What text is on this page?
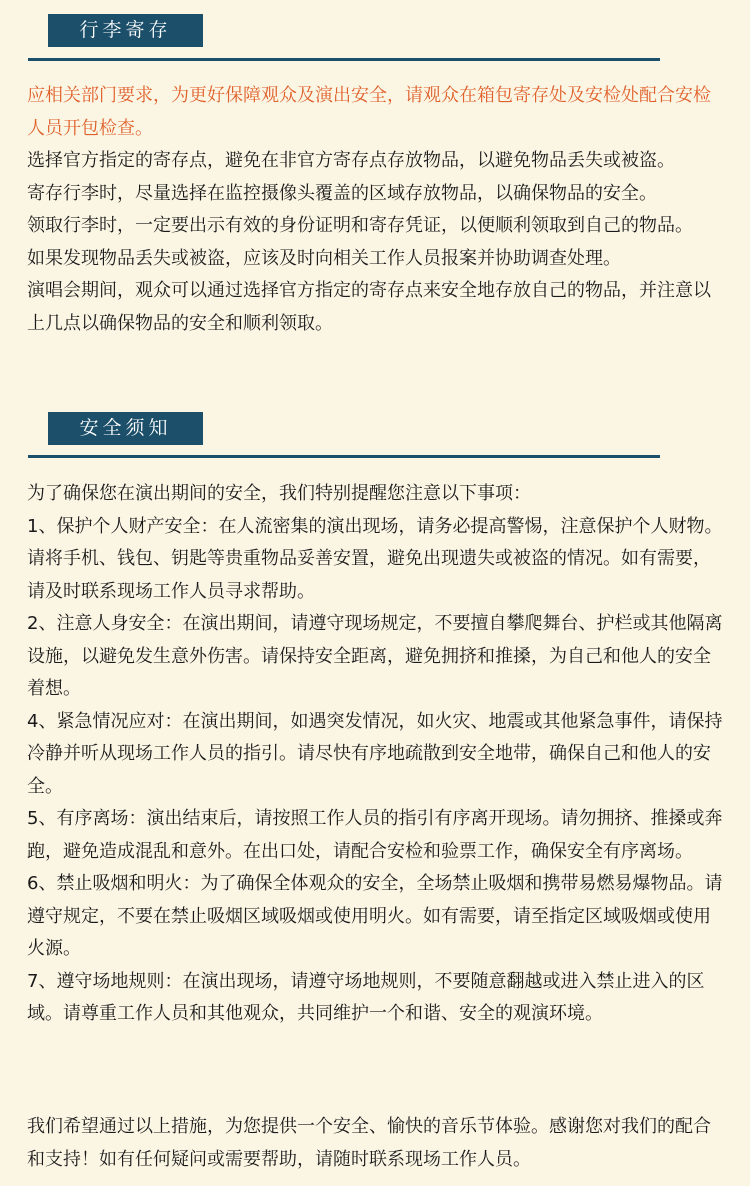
行李寄存

应相关部门要求，为更好保障观众及演出安全，请观众在箱包寄存处及安检处配合安检人员开包检查。

选择官方指定的寄存点，避免在非官方寄存点存放物品，以避免物品丢失或被盗。

寄存行李时，尽量选择在监控摄像头覆盖的区域存放物品，以确保物品的安全。

领取行李时，一定要出示有效的身份证明和寄存凭证，以便顺利领取到自己的物品。

如果发现物品丢失或被盗，应该及时向相关工作人员报案并协助调查处理。

演唱会期间，观众可以通过选择官方指定的寄存点来安全地存放自己的物品，并注意以上几点以确保物品的安全和顺利领取。

安全须知

为了确保您在演出期间的安全，我们特别提醒您注意以下事项：

1、保护个人财产安全：在人流密集的演出现场，请务必提高警惕，注意保护个人财物。请将手机、钱包、钥匙等贵重物品妥善安置，避免出现遗失或被盗的情况。如有需要，请及时联系现场工作人员寻求帮助。

2、注意人身安全：在演出期间，请遵守现场规定，不要擅自攀爬舞台、护栏或其他隔离设施，以避免发生意外伤害。请保持安全距离，避免拥挤和推搡，为自己和他人的安全着想。

4、紧急情况应对：在演出期间，如遇突发情况，如火灾、地震或其他紧急事件，请保持冷静并听从现场工作人员的指引。请尽快有序地疏散到安全地带，确保自己和他人的安全。

5、有序离场：演出结束后，请按照工作人员的指引有序离开现场。请勿拥挤、推搡或奔跑，避免造成混乱和意外。在出口处，请配合安检和验票工作，确保安全有序离场。

6、禁止吸烟和明火：为了确保全体观众的安全，全场禁止吸烟和携带易燃易爆物品。请遵守规定，不要在禁止吸烟区域吸烟或使用明火。如有需要，请至指定区域吸烟或使用火源。

7、遵守场地规则：在演出现场，请遵守场地规则，不要随意翻越或进入禁止进入的区域。请尊重工作人员和其他观众，共同维护一个和谐、安全的观演环境。

我们希望通过以上措施，为您提供一个安全、愉快的音乐节体验。感谢您对我们的配合和支持！如有任何疑问或需要帮助，请随时联系现场工作人员。
